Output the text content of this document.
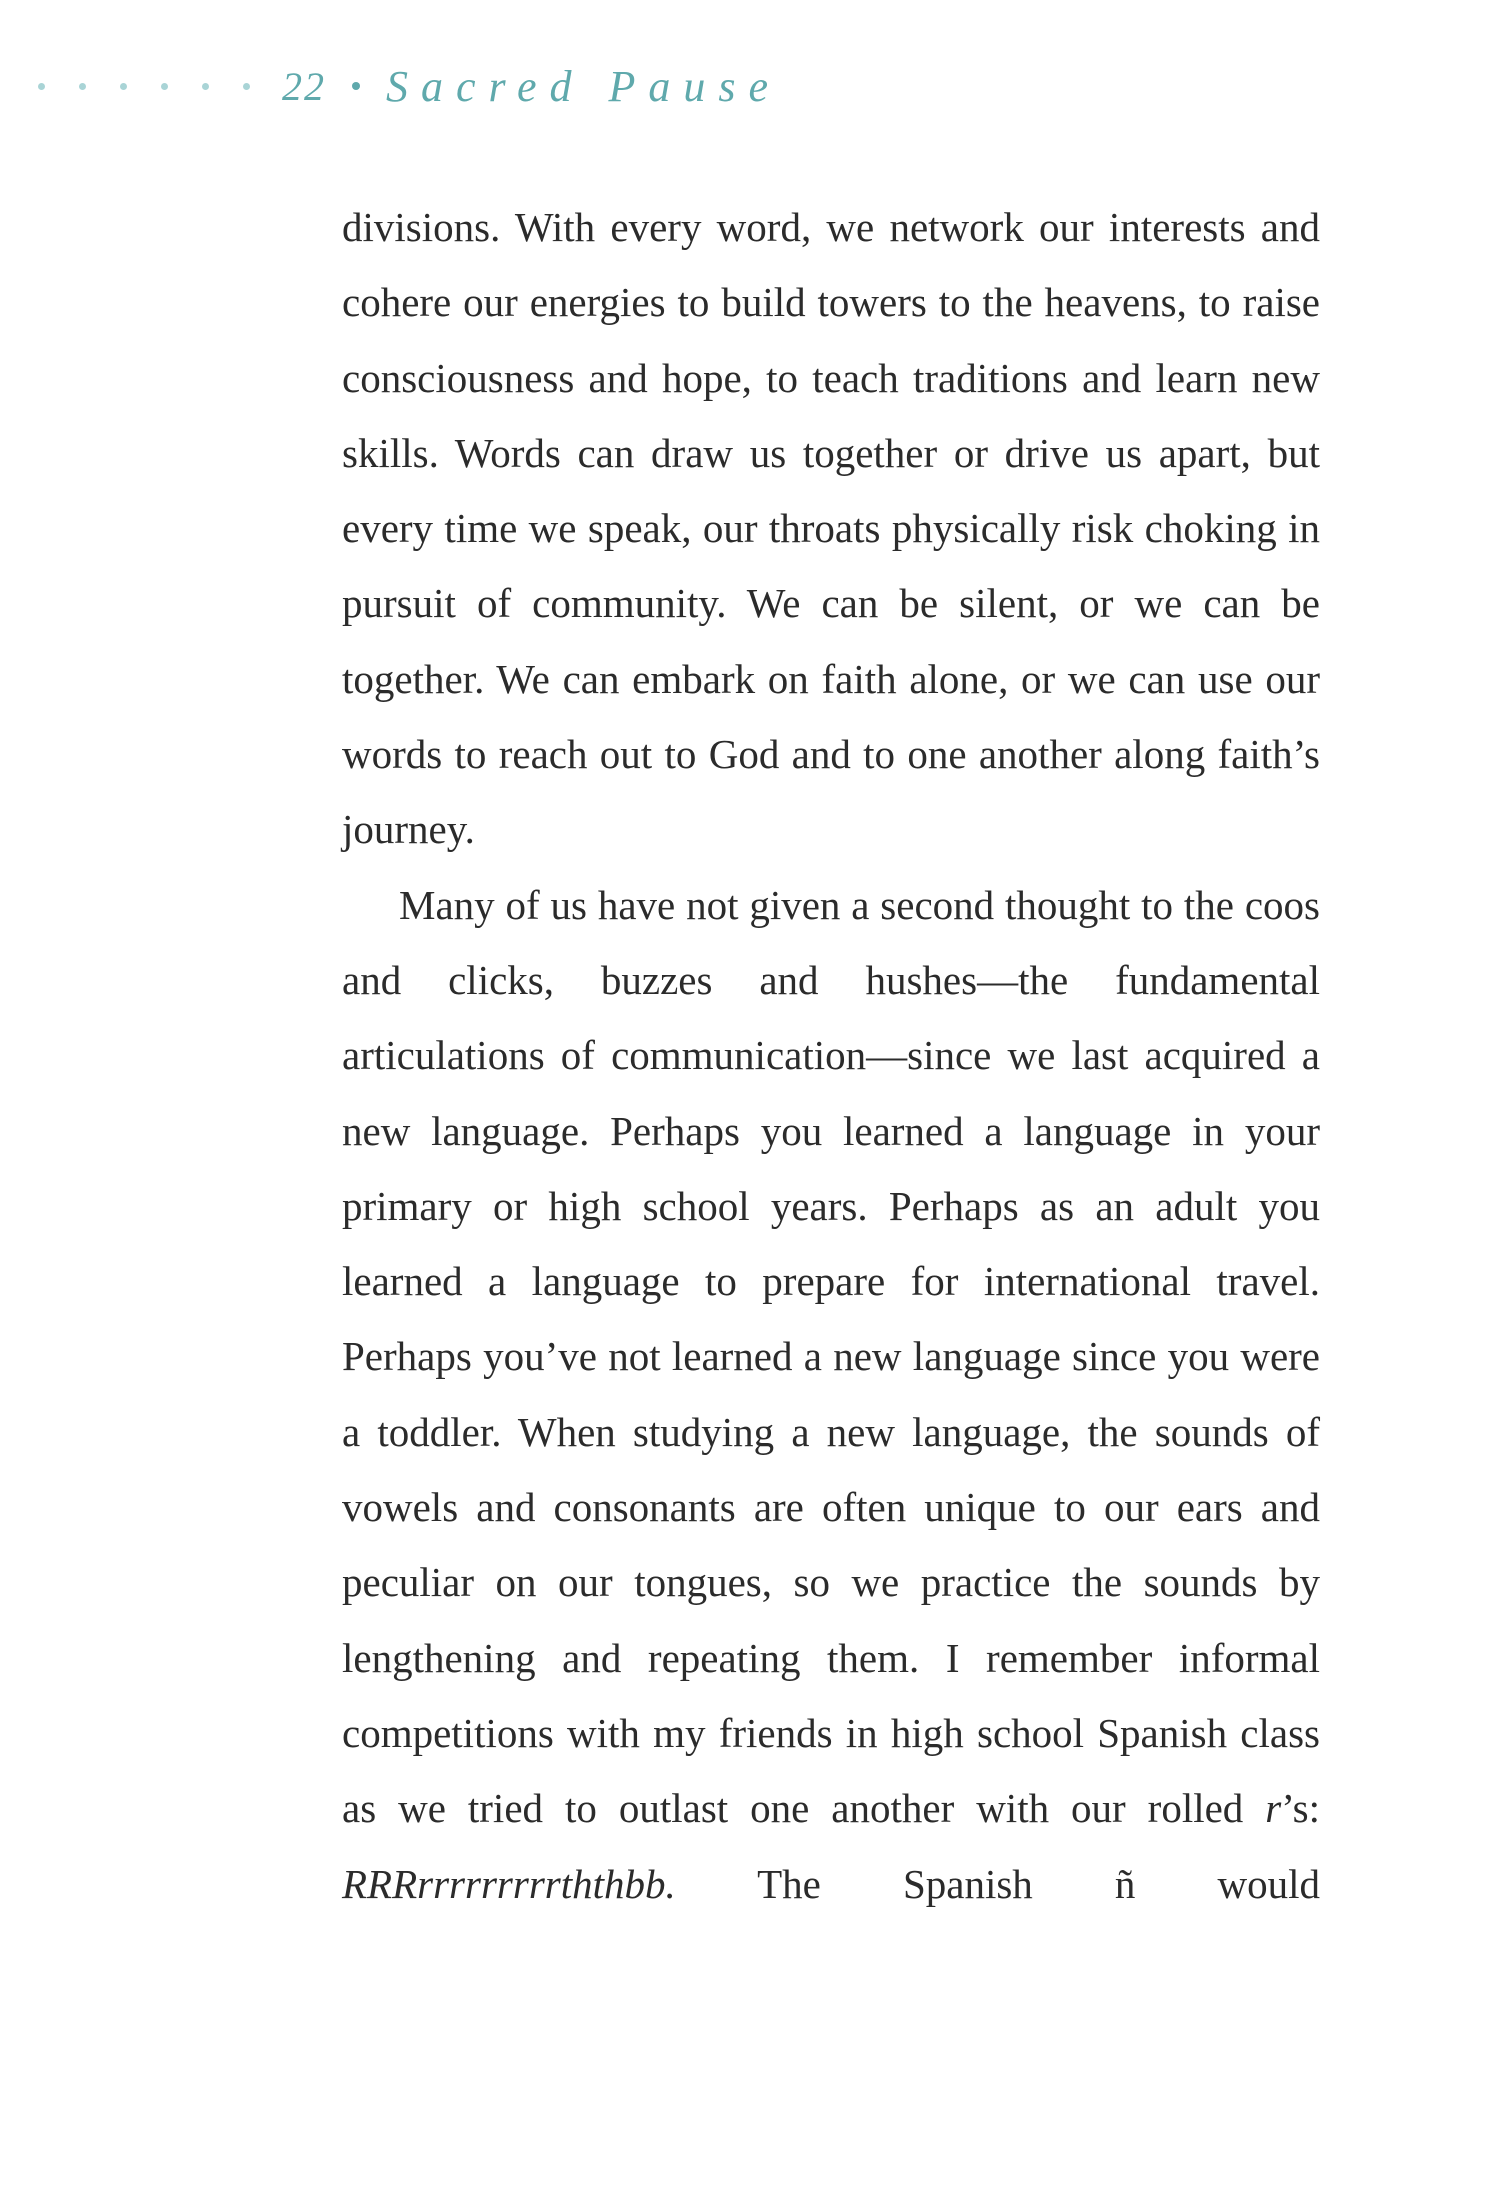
22 Sacred Pause

divisions. With every word, we network our interests and cohere our energies to build towers to the heavens, to raise consciousness and hope, to teach traditions and learn new skills. Words can draw us together or drive us apart, but every time we speak, our throats physically risk choking in pursuit of community. We can be silent, or we can be together. We can embark on faith alone, or we can use our words to reach out to God and to one another along faith’s journey.

Many of us have not given a second thought to the coos and clicks, buzzes and hushes—the fundamental articulations of communication—since we last acquired a new language. Perhaps you learned a language in your primary or high school years. Perhaps as an adult you learned a language to prepare for international travel. Perhaps you’ve not learned a new language since you were a toddler. When studying a new language, the sounds of vowels and consonants are often unique to our ears and peculiar on our tongues, so we practice the sounds by lengthening and repeating them. I remember informal competitions with my friends in high school Spanish class as we tried to outlast one another with our rolled r’s: RRRrrrrrrrrrththbb. The Spanish ñ would
